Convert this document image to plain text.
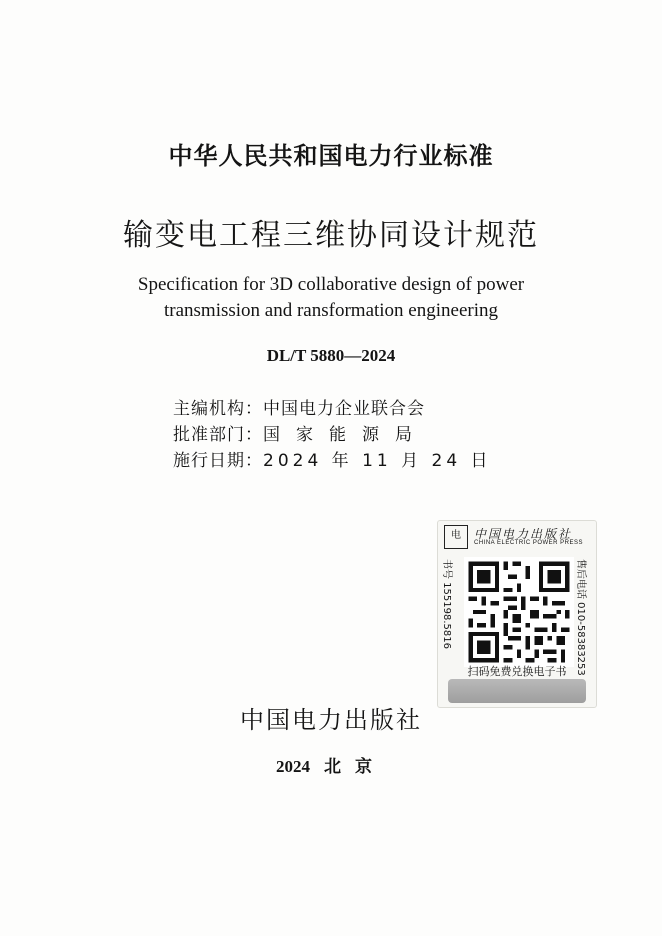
中华人民共和国电力行业标准
输变电工程三维协同设计规范
Specification for 3D collaborative design of power
transmission and ransformation engineering
DL/T 5880—2024
主编机构：中国电力企业联合会
批准部门：国家能源局
施行日期：2024 年 11 月 24 日
电	中国电力出版社
CHINA ELECTRIC POWER PRESS
书号 155198.5816	售后电话 010-58383253
扫码免费兑换电子书
中国电力出版社
2024 北京
